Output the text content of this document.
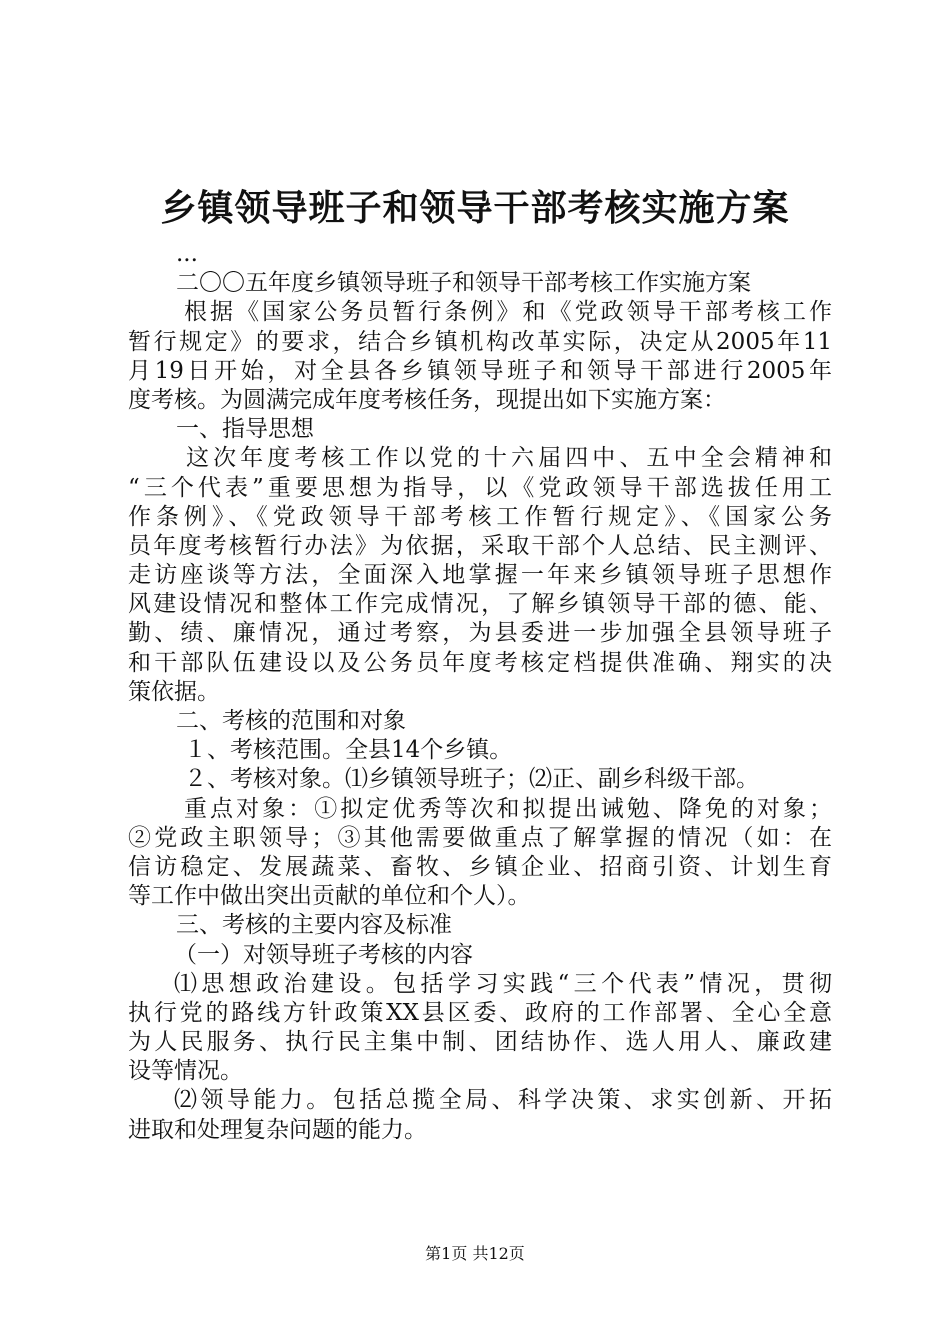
乡镇领导班子和领导干部考核实施方案
...
二〇〇五年度乡镇领导班子和领导干部考核工作实施方案
根据《国家公务员暂行条例》和《党政领导干部考核工作
暂行规定》的要求，结合乡镇机构改革实际，决定从2005年11
月19日开始，对全县各乡镇领导班子和领导干部进行2005年
度考核。为圆满完成年度考核任务，现提出如下实施方案：
一、指导思想
这次年度考核工作以党的十六届四中、五中全会精神和
“三个代表”重要思想为指导，以《党政领导干部选拔任用工
作条例》、《党政领导干部考核工作暂行规定》、《国家公务
员年度考核暂行办法》为依据，采取干部个人总结、民主测评、
走访座谈等方法，全面深入地掌握一年来乡镇领导班子思想作
风建设情况和整体工作完成情况，了解乡镇领导干部的德、能、
勤、绩、廉情况，通过考察，为县委进一步加强全县领导班子
和干部队伍建设以及公务员年度考核定档提供准确、翔实的决
策依据。
二、考核的范围和对象
１、考核范围。全县14个乡镇。
２、考核对象。⑴乡镇领导班子；⑵正、副乡科级干部。
重点对象：①拟定优秀等次和拟提出诫勉、降免的对象；
②党政主职领导；③其他需要做重点了解掌握的情况（如：在
信访稳定、发展蔬菜、畜牧、乡镇企业、招商引资、计划生育
等工作中做出突出贡献的单位和个人）。
三、考核的主要内容及标准
（一）对领导班子考核的内容
⑴思想政治建设。包括学习实践“三个代表”情况，贯彻
执行党的路线方针政策XX县区委、政府的工作部署、全心全意
为人民服务、执行民主集中制、团结协作、选人用人、廉政建
设等情况。
⑵领导能力。包括总揽全局、科学决策、求实创新、开拓
进取和处理复杂问题的能力。
第1页 共12页
